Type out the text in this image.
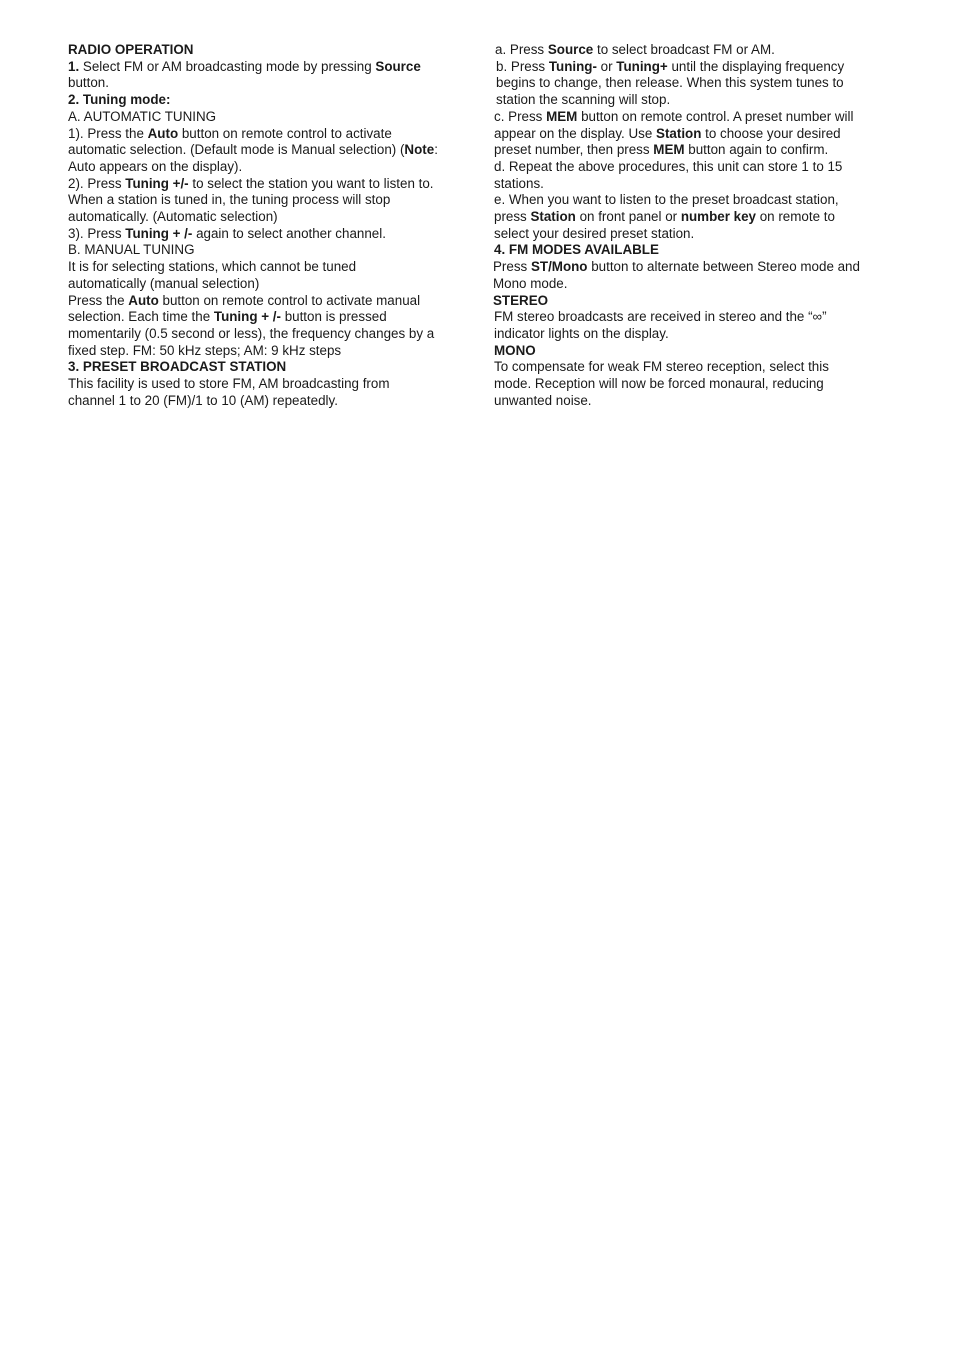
RADIO OPERATION

1. Select FM or AM broadcasting mode by pressing Source

button.

2. Tuning mode:

A. AUTOMATIC TUNING

1). Press the Auto button on remote control to activate

automatic selection. (Default mode is Manual selection) (Note:

Auto appears on the display).

2). Press Tuning +/- to select the station you want to listen to.

When a station is tuned in, the tuning process will stop

automatically. (Automatic selection)

3). Press Tuning + /- again to select another channel.

B. MANUAL TUNING

It is for selecting stations, which cannot be tuned

automatically (manual selection)

Press the Auto button on remote control to activate manual

selection. Each time the Tuning + /- button is pressed

momentarily (0.5 second or less), the frequency changes by a

fixed step. FM: 50 kHz steps; AM: 9 kHz steps

3. PRESET BROADCAST STATION

This facility is used to store FM, AM broadcasting from

channel 1 to 20 (FM)/1 to 10 (AM) repeatedly.

a. Press Source to select broadcast FM or AM.

b. Press Tuning- or Tuning+ until the displaying frequency

begins to change, then release. When this system tunes to

station the scanning will stop.

c. Press MEM button on remote control. A preset number will

appear on the display. Use Station to choose your desired

preset number, then press MEM button again to confirm.

d. Repeat the above procedures, this unit can store 1 to 15

stations.

e. When you want to listen to the preset broadcast station,

press Station on front panel or number key on remote to

select your desired preset station.

4. FM MODES AVAILABLE

Press ST/Mono button to alternate between Stereo mode and

Mono mode.

STEREO

FM stereo broadcasts are received in stereo and the “∞”

indicator lights on the display.

MONO

To compensate for weak FM stereo reception, select this

mode. Reception will now be forced monaural, reducing

unwanted noise.
